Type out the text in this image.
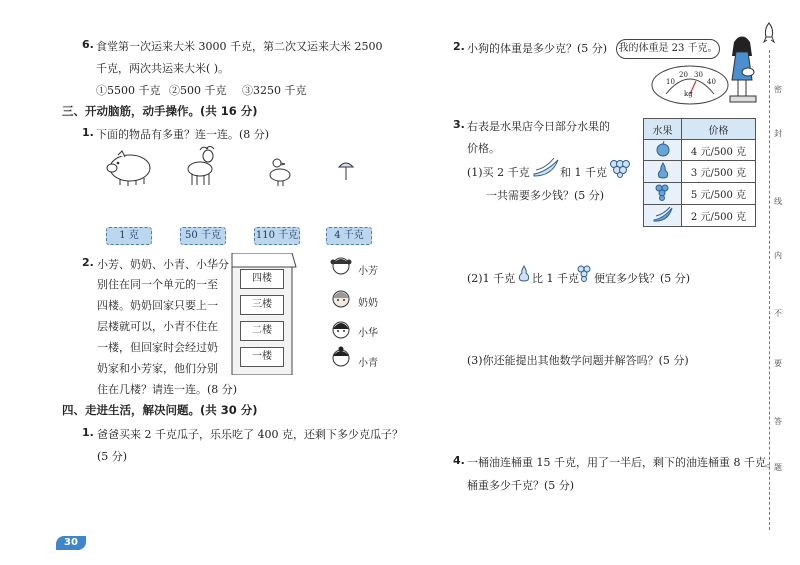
6. 食堂第一次运来大米 3000 千克，第二次又运来大米 2500
千克，两次共运来大米( )。
①5500 千克 ②500 千克 ③3250 千克
三、开动脑筋，动手操作。(共 16 分)
1. 下面的物品有多重？连一连。(8 分)
1 克	50 千克	110 千克	4 千克
2. 小芳、奶奶、小青、小华分
别住在同一个单元的一至
四楼。奶奶回家只要上一
层楼就可以，小青不住在
一楼，但回家时会经过奶
奶家和小芳家，他们分别
住在几楼？请连一连。(8 分)
四楼
三楼
二楼
一楼
小芳
奶奶
小华
小青
四、走进生活，解决问题。(共 30 分)
1. 爸爸买来 2 千克瓜子，乐乐吃了 400 克，还剩下多少克瓜子？
(5 分)
30
2. 小狗的体重是多少克？(5 分) 我的体重是 23 千克。
10
20 30
40
kg
3. 右表是水果店今日部分水果的
价格。
(1)买 2 千克	和 1 千克
一共需要多少钱？(5 分)
水果	价格
	4 元/500 克
	3 元/500 克
	5 元/500 克
	2 元/500 克
(2)1 千克 比 1 千克 便宜多少钱？(5 分)
(3)你还能提出其他数学问题并解答吗？(5 分)
4. 一桶油连桶重 15 千克，用了一半后，剩下的油连桶重 8 千克。
桶重多少千克？(5 分)
密
封
线
内
不
要
答
题
